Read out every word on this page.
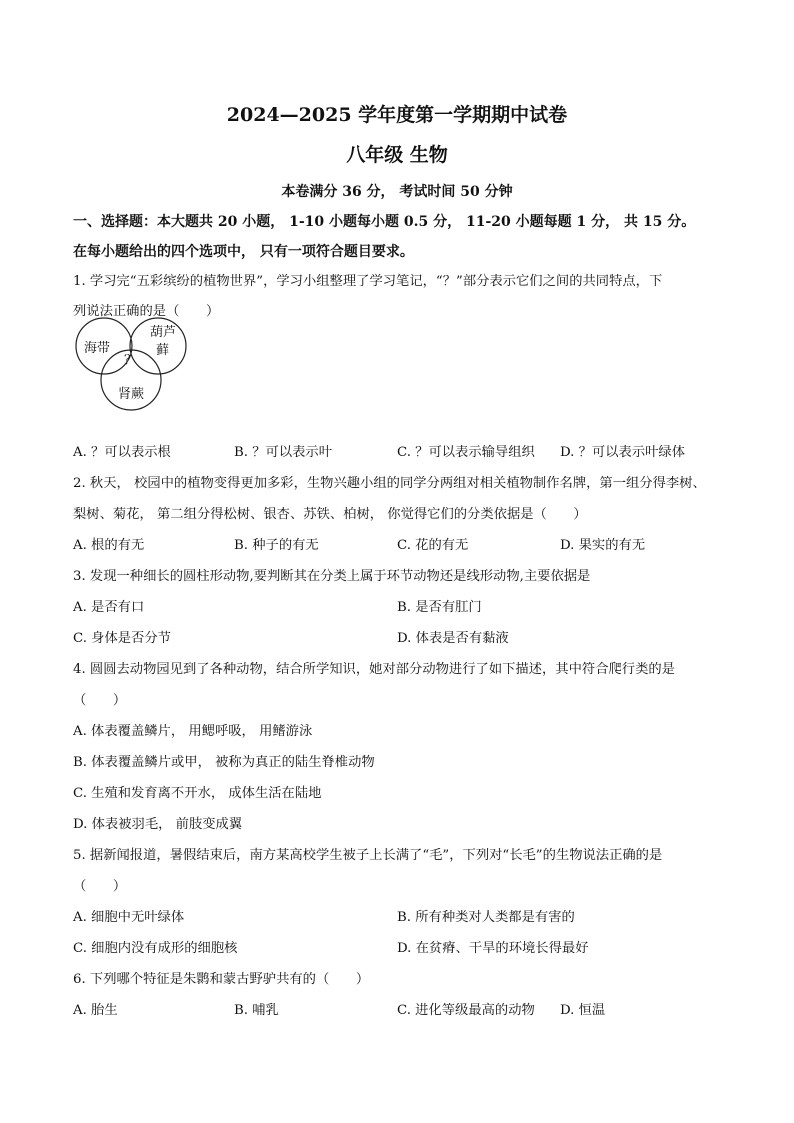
2024—2025 学年度第一学期期中试卷
八年级 生物
本卷满分 36 分， 考试时间 50 分钟
一、选择题：本大题共 20 小题， 1-10 小题每小题 0.5 分， 11-20 小题每题 1 分， 共 15 分。
在每小题给出的四个选项中， 只有一项符合题目要求。
1. 学习完“五彩缤纷的植物世界”，学习小组整理了学习笔记，“？”部分表示它们之间的共同特点，下
列说法正确的是（　　）
海带
葫芦
藓
？
肾蕨
A. ？可以表示根	B. ？可以表示叶	C. ？可以表示输导组织 D. ？可以表示叶绿体
2. 秋天， 校园中的植物变得更加多彩，生物兴趣小组的同学分两组对相关植物制作名牌，第一组分得李树、
梨树、菊花， 第二组分得松树、银杏、苏铁、柏树， 你觉得它们的分类依据是（　　）
A. 根的有无	B. 种子的有无	C. 花的有无	D. 果实的有无
3. 发现一种细长的圆柱形动物,要判断其在分类上属于环节动物还是线形动物,主要依据是
A. 是否有口	B. 是否有肛门
C. 身体是否分节	D. 体表是否有黏液
4. 圆圆去动物园见到了各种动物，结合所学知识，她对部分动物进行了如下描述，其中符合爬行类的是
（　　）
A. 体表覆盖鳞片， 用鳃呼吸， 用鳍游泳
B. 体表覆盖鳞片或甲， 被称为真正的陆生脊椎动物
C. 生殖和发育离不开水， 成体生活在陆地
D. 体表被羽毛， 前肢变成翼
5. 据新闻报道，暑假结束后，南方某高校学生被子上长满了“毛”，下列对“长毛”的生物说法正确的是
（　　）
A. 细胞中无叶绿体	B. 所有种类对人类都是有害的
C. 细胞内没有成形的细胞核	D. 在贫瘠、干旱的环境长得最好
6. 下列哪个特征是朱鹮和蒙古野驴共有的（　　）
A. 胎生	B. 哺乳	C. 进化等级最高的动物 D. 恒温
